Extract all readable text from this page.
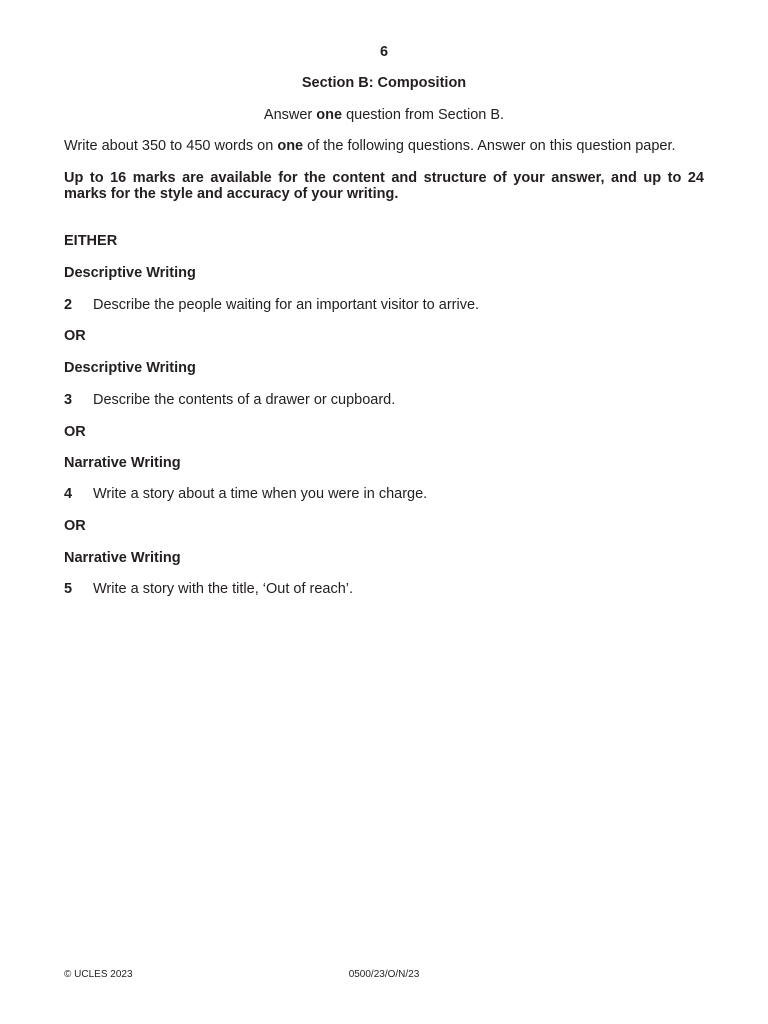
6
Section B: Composition
Answer one question from Section B.
Write about 350 to 450 words on one of the following questions. Answer on this question paper.
Up to 16 marks are available for the content and structure of your answer, and up to 24 marks for the style and accuracy of your writing.
EITHER
Descriptive Writing
2 Describe the people waiting for an important visitor to arrive.
OR
Descriptive Writing
3 Describe the contents of a drawer or cupboard.
OR
Narrative Writing
4 Write a story about a time when you were in charge.
OR
Narrative Writing
5 Write a story with the title, ‘Out of reach’.
© UCLES 2023	0500/23/O/N/23
